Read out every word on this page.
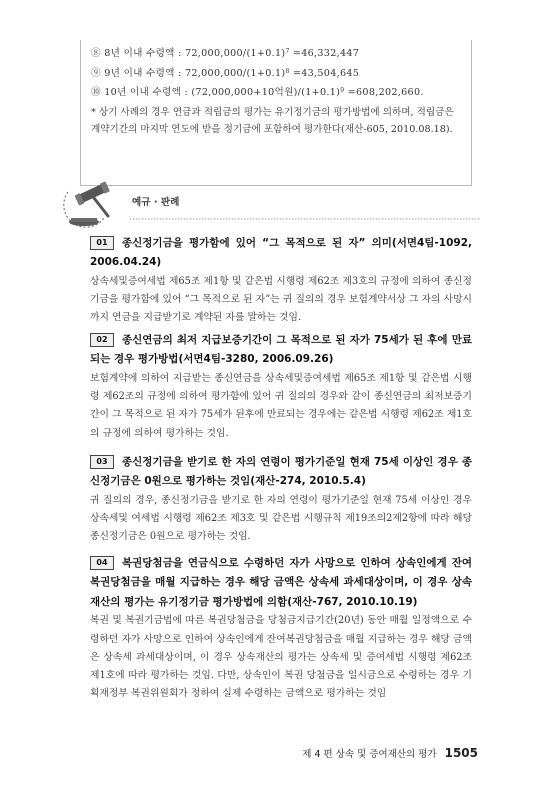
⑧ 8년 이내 수령액 : $72,000,000/(1+0.1)^7 =46,332,447$
⑨ 9년 이내 수령액 : $72,000,000/(1+0.1)^8 =43,504,645$
⑩ 10년 이내 수령액 : (72,000,000+10억원)$/(1+0.1)^9 =608,202,660$.
* 상기 사례의 경우 연금과 적립금의 평가는 유기정기금의 평가방법에 의하며, 적립금은 계약기간의 마지막 연도에 받을 정기금에 포함하여 평가한다(재산-605, 2010.08.18).
예규 · 판례
01 종신정기금을 평가함에 있어 “그 목적으로 된 자” 의미(서면4팀-1092, 2006.04.24)
상속세및증여세법 제65조 제1항 및 같은법 시행령 제62조 제3호의 규정에 의하여 종신정기금을 평가함에 있어 “그 목적으로 된 자”는 귀 질의의 경우 보험계약서상 그 자의 사망시까지 연금을 지급받기로 계약된 자를 말하는 것임.
02 종신연금의 최저 지급보증기간이 그 목적으로 된 자가 75세가 된 후에 만료되는 경우 평가방법(서면4팀-3280, 2006.09.26)
보험계약에 의하여 지급받는 종신연금을 상속세및증여세법 제65조 제1항 및 같은법 시행령 제62조의 규정에 의하여 평가함에 있어 귀 질의의 경우와 같이 종신연금의 최저보증기간이 그 목적으로 된 자가 75세가 된후에 만료되는 경우에는 같은법 시행령 제62조 제1호의 규정에 의하여 평가하는 것임.
03 종신정기금을 받기로 한 자의 연령이 평가기준일 현재 75세 이상인 경우 종신정기금은 0원으로 평가하는 것임(재산-274, 2010.5.4)
귀 질의의 경우, 종신정기금을 받기로 한 자의 연령이 평가기준일 현재 75세 이상인 경우 상속세및 여세법 시행령 제62조 제3호 및 같은법 시행규칙 제19조의2제2항에 따라 해당 종신정기금은 0원으로 평가하는 것임.
04 복권당첨금을 연금식으로 수령하던 자가 사망으로 인하여 상속인에게 잔여복권당첨금을 매월 지급하는 경우 해당 금액은 상속세 과세대상이며, 이 경우 상속재산의 평가는 유기정기금 평가방법에 의함(재산-767, 2010.10.19)
복권 및 복권기금법에 따른 복권당첨금을 당첨금지급기간(20년) 동안 매월 일정액으로 수령하던 자가 사망으로 인하여 상속인에게 잔여복권당첨금을 매월 지급하는 경우 해당 금액은 상속세 과세대상이며, 이 경우 상속재산의 평가는 상속세 및 증여세법 시행령 제62조 제1호에 따라 평가하는 것임. 다만, 상속인이 복권 당첨금을 일시금으로 수령하는 경우 기획재정부 복권위원회가 정하여 실제 수령하는 금액으로 평가하는 것임
제 4 편 상속 및 증여재산의 평가 1505
